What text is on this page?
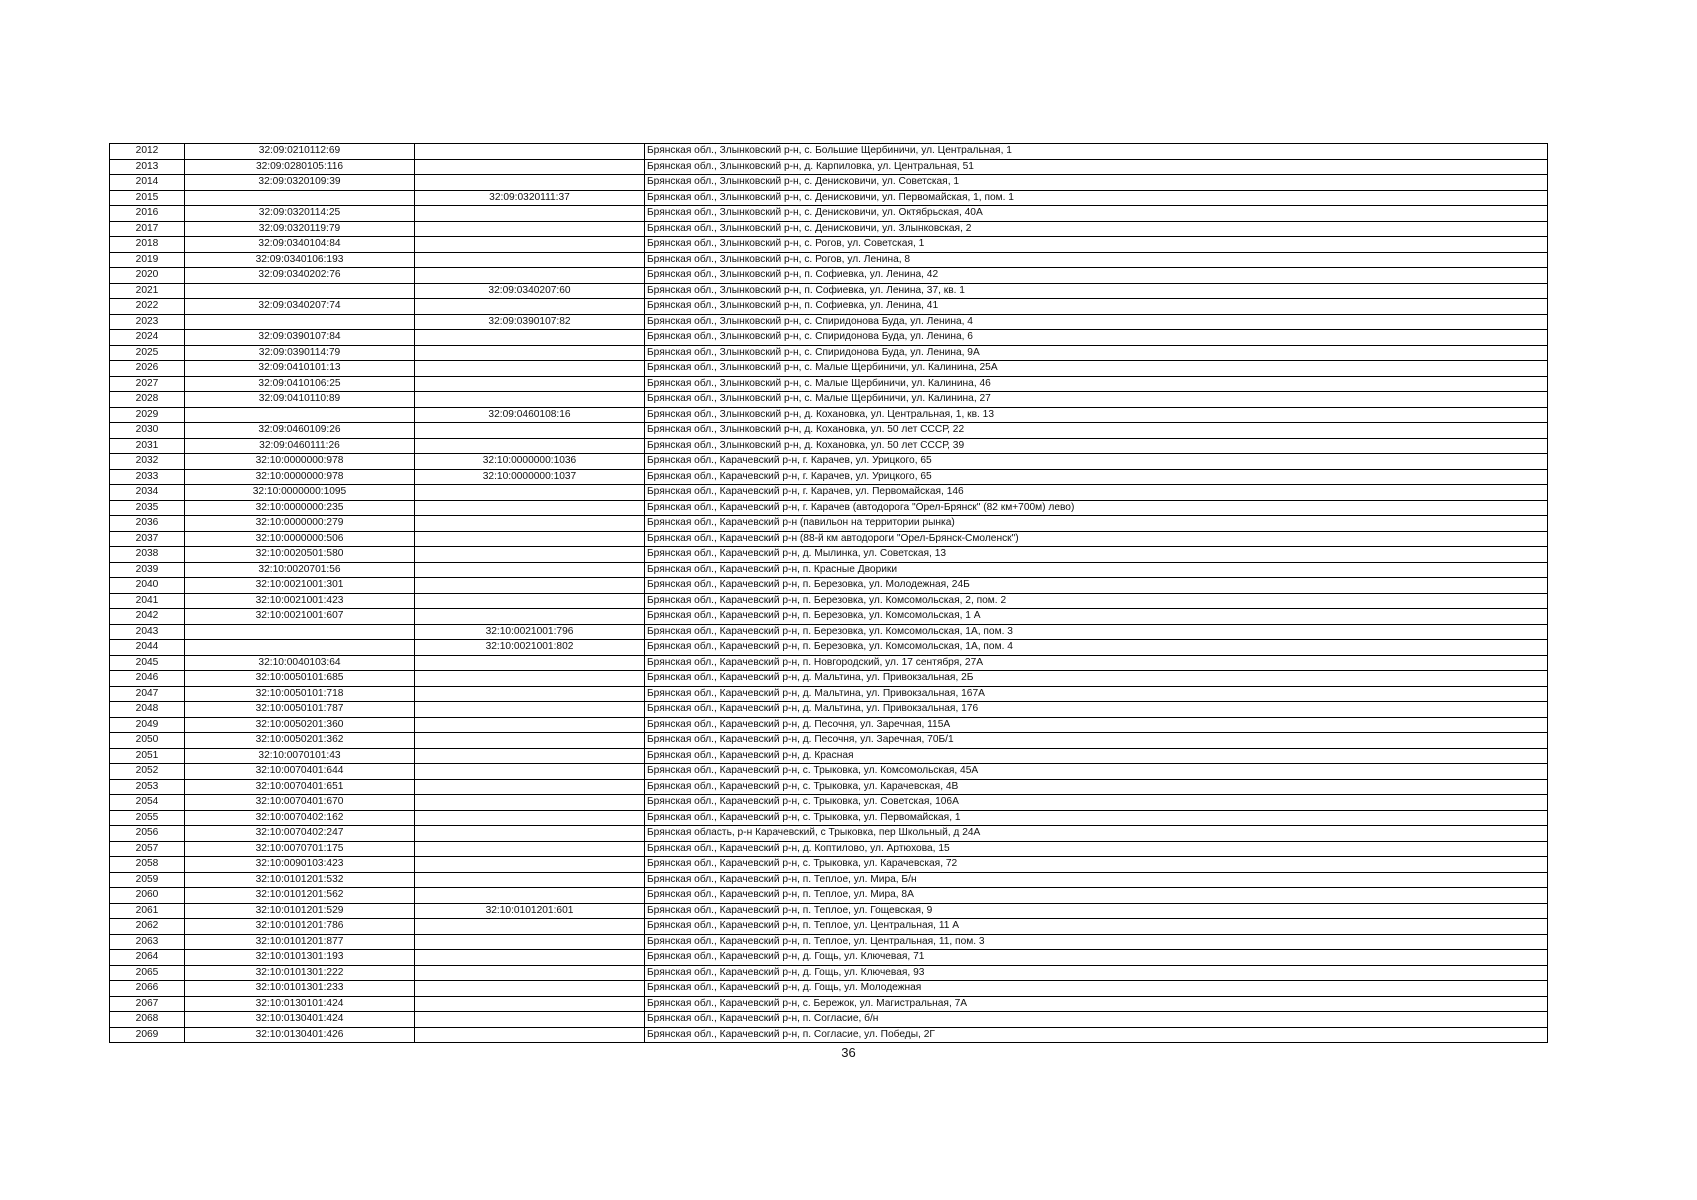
2012	32:09:0210112:69		Брянская обл., Злынковский р-н, с. Большие Щербиничи, ул. Центральная, 1
2013	32:09:0280105:116		Брянская обл., Злынковский р-н, д. Карпиловка, ул. Центральная, 51
2014	32:09:0320109:39		Брянская обл., Злынковский р-н, с. Денисковичи, ул. Советская, 1
2015		32:09:0320111:37	Брянская обл., Злынковский р-н, с. Денисковичи, ул. Первомайская, 1, пом. 1
2016	32:09:0320114:25		Брянская обл., Злынковский р-н, с. Денисковичи, ул. Октябрьская, 40А
2017	32:09:0320119:79		Брянская обл., Злынковский р-н, с. Денисковичи, ул. Злынковская, 2
2018	32:09:0340104:84		Брянская обл., Злынковский р-н, с. Рогов, ул. Советская, 1
2019	32:09:0340106:193		Брянская обл., Злынковский р-н, с. Рогов, ул. Ленина, 8
2020	32:09:0340202:76		Брянская обл., Злынковский р-н, п. Софиевка, ул. Ленина, 42
2021		32:09:0340207:60	Брянская обл., Злынковский р-н, п. Софиевка, ул. Ленина, 37, кв. 1
2022	32:09:0340207:74		Брянская обл., Злынковский р-н, п. Софиевка, ул. Ленина, 41
2023		32:09:0390107:82	Брянская обл., Злынковский р-н, с. Спиридонова Буда, ул. Ленина, 4
2024	32:09:0390107:84		Брянская обл., Злынковский р-н, с. Спиридонова Буда, ул. Ленина, 6
2025	32:09:0390114:79		Брянская обл., Злынковский р-н, с. Спиридонова Буда, ул. Ленина, 9А
2026	32:09:0410101:13		Брянская обл., Злынковский р-н, с. Малые Щербиничи, ул. Калинина, 25А
2027	32:09:0410106:25		Брянская обл., Злынковский р-н, с. Малые Щербиничи, ул. Калинина, 46
2028	32:09:0410110:89		Брянская обл., Злынковский р-н, с. Малые Щербиничи, ул. Калинина, 27
2029		32:09:0460108:16	Брянская обл., Злынковский р-н, д. Кохановка, ул. Центральная, 1, кв. 13
2030	32:09:0460109:26		Брянская обл., Злынковский р-н, д. Кохановка, ул. 50 лет СССР, 22
2031	32:09:0460111:26		Брянская обл., Злынковский р-н, д. Кохановка, ул. 50 лет СССР, 39
2032	32:10:0000000:978	32:10:0000000:1036	Брянская обл., Карачевский р-н, г. Карачев, ул. Урицкого, 65
2033	32:10:0000000:978	32:10:0000000:1037	Брянская обл., Карачевский р-н, г. Карачев, ул. Урицкого, 65
2034	32:10:0000000:1095		Брянская обл., Карачевский р-н, г. Карачев, ул. Первомайская, 146
2035	32:10:0000000:235		Брянская обл., Карачевский р-н, г. Карачев (автодорога "Орел-Брянск" (82 км+700м) лево)
2036	32:10:0000000:279		Брянская обл., Карачевский р-н (павильон на территории рынка)
2037	32:10:0000000:506		Брянская обл., Карачевский р-н (88-й км автодороги "Орел-Брянск-Смоленск")
2038	32:10:0020501:580		Брянская обл., Карачевский р-н, д. Мылинка, ул. Советская, 13
2039	32:10:0020701:56		Брянская обл., Карачевский р-н, п. Красные Дворики
2040	32:10:0021001:301		Брянская обл., Карачевский р-н, п. Березовка, ул. Молодежная, 24Б
2041	32:10:0021001:423		Брянская обл., Карачевский р-н, п. Березовка, ул. Комсомольская, 2, пом. 2
2042	32:10:0021001:607		Брянская обл., Карачевский р-н, п. Березовка, ул. Комсомольская, 1 А
2043		32:10:0021001:796	Брянская обл., Карачевский р-н, п. Березовка, ул. Комсомольская, 1А, пом. 3
2044		32:10:0021001:802	Брянская обл., Карачевский р-н, п. Березовка, ул. Комсомольская, 1А, пом. 4
2045	32:10:0040103:64		Брянская обл., Карачевский р-н, п. Новгородский, ул. 17 сентября, 27А
2046	32:10:0050101:685		Брянская обл., Карачевский р-н, д. Мальтина, ул. Привокзальная, 2Б
2047	32:10:0050101:718		Брянская обл., Карачевский р-н, д. Мальтина, ул. Привокзальная, 167А
2048	32:10:0050101:787		Брянская обл., Карачевский р-н, д. Мальтина, ул. Привокзальная, 176
2049	32:10:0050201:360		Брянская обл., Карачевский р-н, д. Песочня, ул. Заречная, 115А
2050	32:10:0050201:362		Брянская обл., Карачевский р-н, д. Песочня, ул. Заречная, 70Б/1
2051	32:10:0070101:43		Брянская обл., Карачевский р-н, д. Красная
2052	32:10:0070401:644		Брянская обл., Карачевский р-н, с. Трыковка, ул. Комсомольская, 45А
2053	32:10:0070401:651		Брянская обл., Карачевский р-н, с. Трыковка, ул. Карачевская, 4В
2054	32:10:0070401:670		Брянская обл., Карачевский р-н, с. Трыковка, ул. Советская, 106А
2055	32:10:0070402:162		Брянская обл., Карачевский р-н, с. Трыковка, ул. Первомайская, 1
2056	32:10:0070402:247		Брянская область, р-н Карачевский, с Трыковка, пер Школьный, д 24А
2057	32:10:0070701:175		Брянская обл., Карачевский р-н, д. Коптилово, ул. Артюхова, 15
2058	32:10:0090103:423		Брянская обл., Карачевский р-н, с. Трыковка, ул. Карачевская, 72
2059	32:10:0101201:532		Брянская обл., Карачевский р-н, п. Теплое, ул. Мира, Б/н
2060	32:10:0101201:562		Брянская обл., Карачевский р-н, п. Теплое, ул. Мира, 8А
2061	32:10:0101201:529	32:10:0101201:601	Брянская обл., Карачевский р-н, п. Теплое, ул. Гощевская, 9
2062	32:10:0101201:786		Брянская обл., Карачевский р-н, п. Теплое, ул. Центральная, 11 А
2063	32:10:0101201:877		Брянская обл., Карачевский р-н, п. Теплое, ул. Центральная, 11, пом. 3
2064	32:10:0101301:193		Брянская обл., Карачевский р-н, д. Гощь, ул. Ключевая, 71
2065	32:10:0101301:222		Брянская обл., Карачевский р-н, д. Гощь, ул. Ключевая, 93
2066	32:10:0101301:233		Брянская обл., Карачевский р-н, д. Гощь, ул. Молодежная
2067	32:10:0130101:424		Брянская обл., Карачевский р-н, с. Бережок, ул. Магистральная, 7А
2068	32:10:0130401:424		Брянская обл., Карачевский р-н, п. Согласие, б/н
2069	32:10:0130401:426		Брянская обл., Карачевский р-н, п. Согласие, ул. Победы, 2Г
36
